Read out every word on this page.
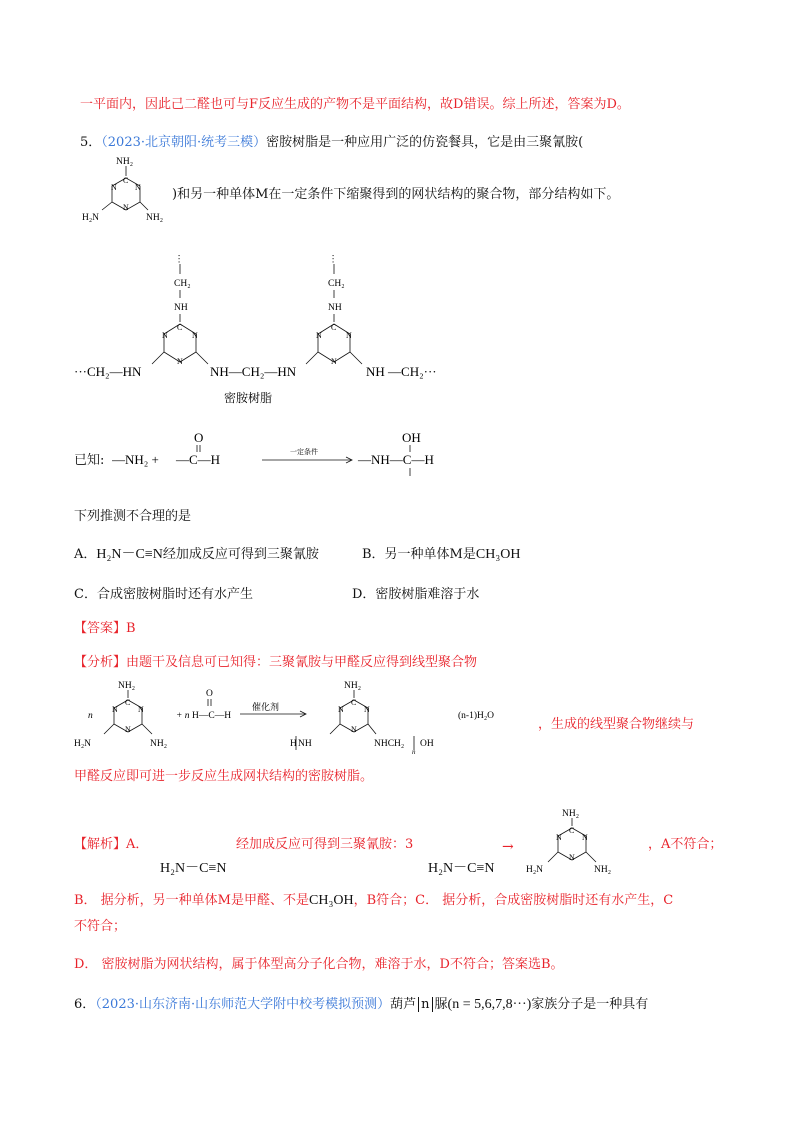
一平面内，因此己二醛也可与F反应生成的产物不是平面结构，故D错误。综上所述，答案为D。
5．（2023·北京朝阳·统考三模）密胺树脂是一种应用广泛的仿瓷餐具，它是由三聚氰胺(
NH₂
C
N
N
N
H₂N	NH₂
)和另一种单体M在一定条件下缩聚得到的网状结构的聚合物，部分结构如下。
···
CH₂
NH
C
N
N
N
···CH₂—HN	NH—CH₂—HN
···
CH₂
NH
C
N
N
N
NH —CH₂···
密胺树脂
已知: —NH₂ +
O
—C—H	一定条件
OH
—NH—C—H
下列推测不合理的是
A．H₂N－C≡N经加成反应可得到三聚氰胺	B．另一种单体M是CH₃OH
C．合成密胺树脂时还有水产生	D．密胺树脂难溶于水
【答案】B
【分析】由题干及信息可已知得：三聚氰胺与甲醛反应得到线型聚合物
n
NH₂
C
N
N
N
H₂N	NH₂
+ n
O
H—C—H
催化剂
NH₂
C
N
N
N
H NH	NHCH₂
n
OH
(n-1)H₂O
，生成的线型聚合物继续与
甲醛反应即可进一步反应生成网状结构的密胺树脂。
【解析】A．
H₂N－C≡N
经加成反应可得到三聚氰胺：3
H₂N－C≡N
→
NH₂
C
N
N
N
H₂N	NH₂
，A不符合；
B． 据分析，另一种单体M是甲醛、不是CH₃OH，B符合；C． 据分析，合成密胺树脂时还有水产生，C
不符合；
D． 密胺树脂为网状结构，属于体型高分子化合物，难溶于水，D不符合；答案选B。
6．（2023·山东济南·山东师范大学附中校考模拟预测）葫芦 n 脲(n = 5,6,7,8···)家族分子是一种具有
